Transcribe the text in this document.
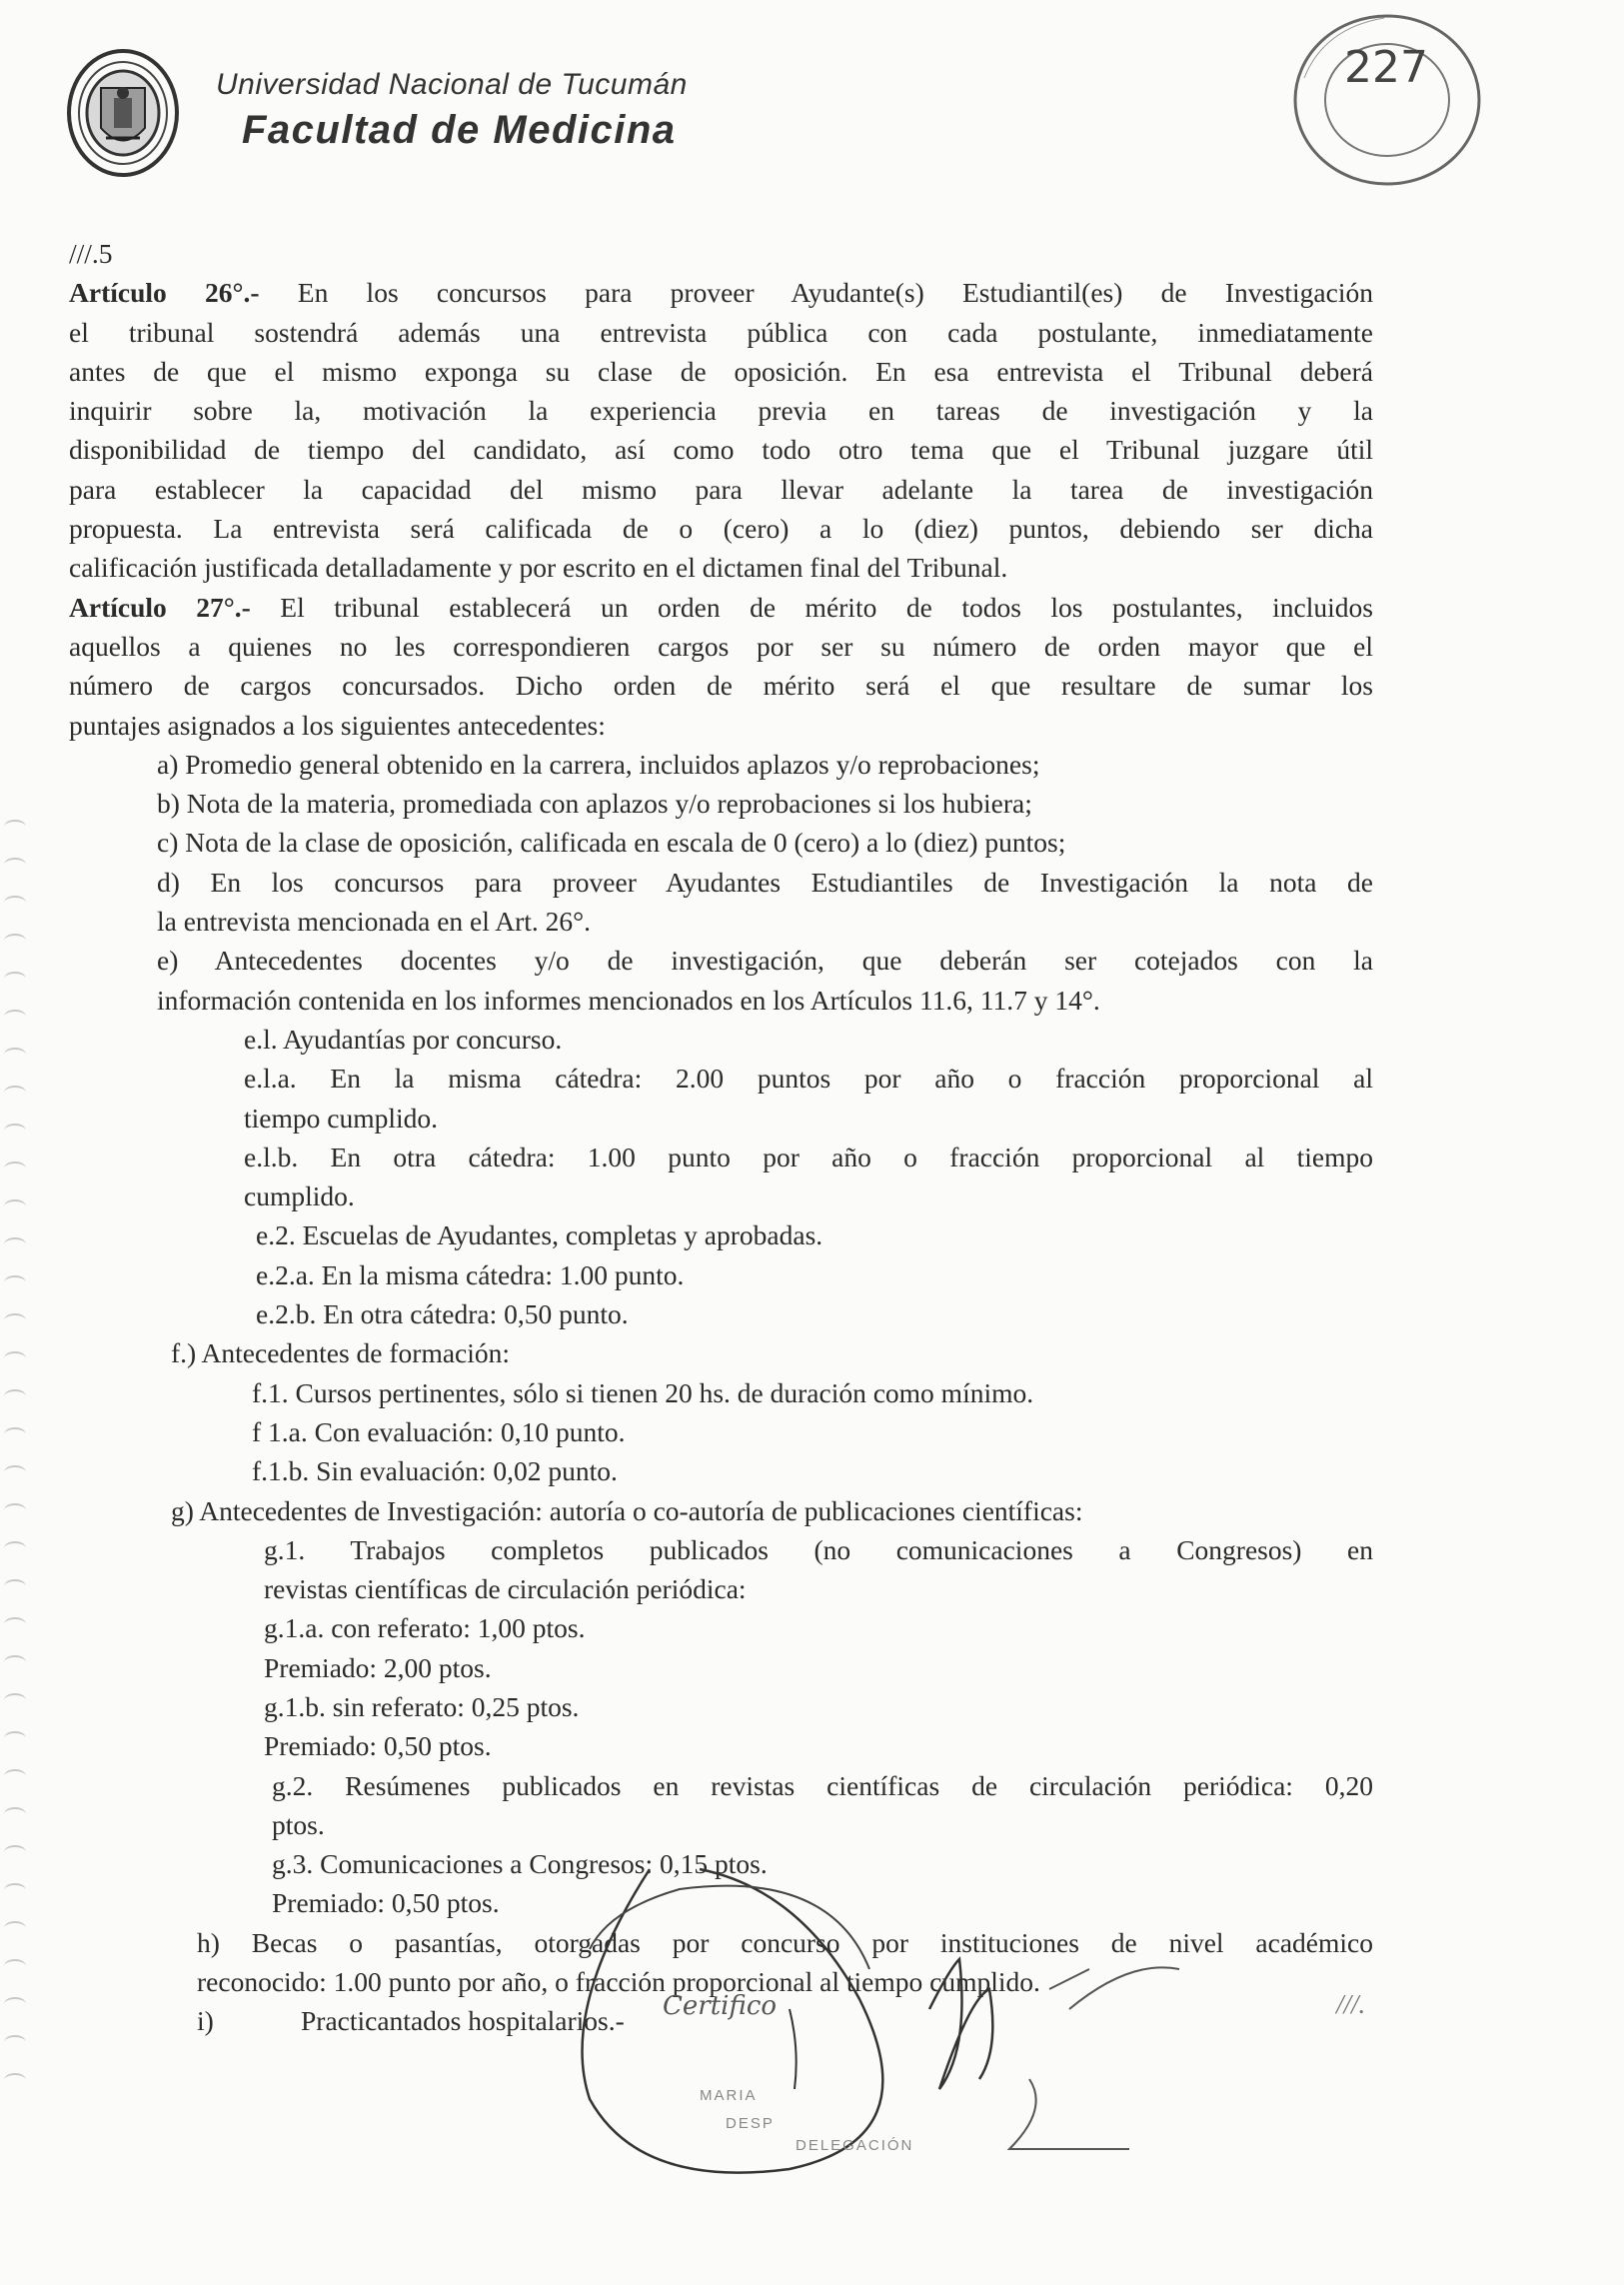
Universidad Nacional de Tucumán
Facultad de Medicina
227
///.5
Artículo 26°.- En los concursos para proveer Ayudante(s) Estudiantil(es) de Investigación
el tribunal sostendrá además una entrevista pública con cada postulante, inmediatamente
antes de que el mismo exponga su clase de oposición. En esa entrevista el Tribunal deberá
inquirir sobre la, motivación la experiencia previa en tareas de investigación y la
disponibilidad de tiempo del candidato, así como todo otro tema que el Tribunal juzgare útil
para establecer la capacidad del mismo para llevar adelante la tarea de investigación
propuesta. La entrevista será calificada de o (cero) a lo (diez) puntos, debiendo ser dicha
calificación justificada detalladamente y por escrito en el dictamen final del Tribunal.
Artículo 27°.- El tribunal establecerá un orden de mérito de todos los postulantes, incluidos
aquellos a quienes no les correspondieren cargos por ser su número de orden mayor que el
número de cargos concursados. Dicho orden de mérito será el que resultare de sumar los
puntajes asignados a los siguientes antecedentes:
a) Promedio general obtenido en la carrera, incluidos aplazos y/o reprobaciones;
b) Nota de la materia, promediada con aplazos y/o reprobaciones si los hubiera;
c) Nota de la clase de oposición, calificada en escala de 0 (cero) a lo (diez) puntos;
d) En los concursos para proveer Ayudantes Estudiantiles de Investigación la nota de
la entrevista mencionada en el Art. 26°.
e) Antecedentes docentes y/o de investigación, que deberán ser cotejados con la
información contenida en los informes mencionados en los Artículos 11.6, 11.7 y 14°.
e.l. Ayudantías por concurso.
e.l.a. En la misma cátedra: 2.00 puntos por año o fracción proporcional al
tiempo cumplido.
e.l.b. En otra cátedra: 1.00 punto por año o fracción proporcional al tiempo
cumplido.
e.2. Escuelas de Ayudantes, completas y aprobadas.
e.2.a. En la misma cátedra: 1.00 punto.
e.2.b. En otra cátedra: 0,50 punto.
f.) Antecedentes de formación:
f.1. Cursos pertinentes, sólo si tienen 20 hs. de duración como mínimo.
f 1.a. Con evaluación: 0,10 punto.
f.1.b. Sin evaluación: 0,02 punto.
g) Antecedentes de Investigación: autoría o co-autoría de publicaciones científicas:
g.1. Trabajos completos publicados (no comunicaciones a Congresos) en
revistas científicas de circulación periódica:
g.1.a. con referato: 1,00 ptos.
Premiado: 2,00 ptos.
g.1.b. sin referato: 0,25 ptos.
Premiado: 0,50 ptos.
g.2. Resúmenes publicados en revistas científicas de circulación periódica: 0,20
ptos.
g.3. Comunicaciones a Congresos: 0,15 ptos.
Premiado: 0,50 ptos.
h) Becas o pasantías, otorgadas por concurso por instituciones de nivel académico
reconocido: 1.00 punto por año, o fracción proporcional al tiempo cumplido.
i)	Practicantados hospitalarios.-
///.
Certifico
MARIA
DESP
DELEGACIÓN
